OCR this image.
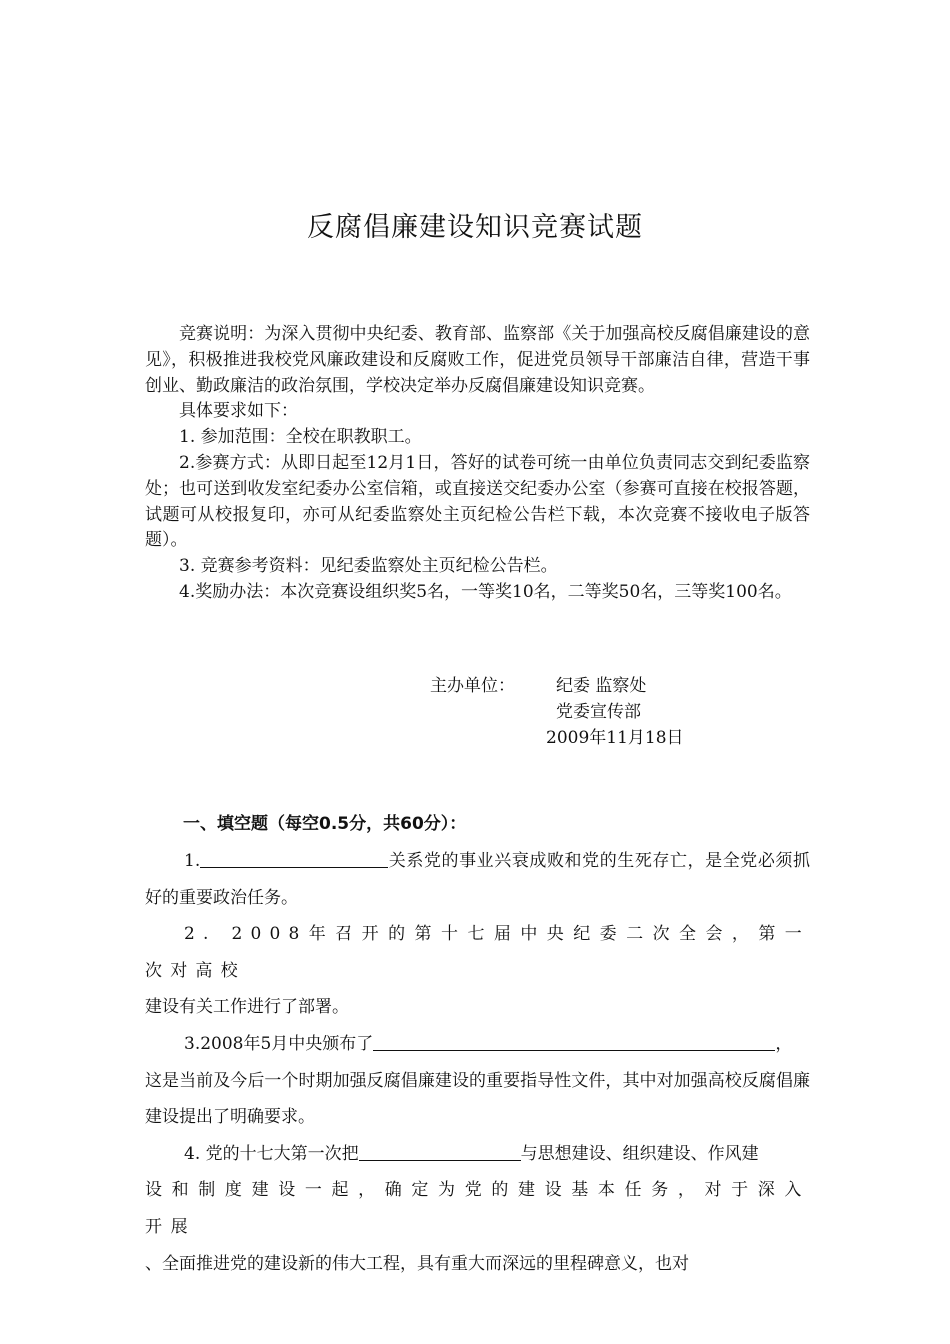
反腐倡廉建设知识竞赛试题

竞赛说明：为深入贯彻中央纪委、教育部、监察部《关于加强高校反腐倡廉建设的意见》，积极推进我校党风廉政建设和反腐败工作，促进党员领导干部廉洁自律，营造干事创业、勤政廉洁的政治氛围，学校决定举办反腐倡廉建设知识竞赛。

具体要求如下：

1. 参加范围：全校在职教职工。

2.参赛方式：从即日起至12月1日，答好的试卷可统一由单位负责同志交到纪委监察处；也可送到收发室纪委办公室信箱，或直接送交纪委办公室（参赛可直接在校报答题，试题可从校报复印，亦可从纪委监察处主页纪检公告栏下载，本次竞赛不接收电子版答题）。

3. 竞赛参考资料：见纪委监察处主页纪检公告栏。

4.奖励办法：本次竞赛设组织奖5名，一等奖10名，二等奖50名，三等奖100名。

主办单位： 纪委 监察处
党委宣传部
2009年11月18日
一、填空题（每空0.5分，共60分）：

1.	关系党的事业兴衰成败和党的生死存亡，是全党必须抓好的重要政治任务。

2. 2008年召开的第十七届中央纪委二次全会，第一次对高校

建设有关工作进行了部署。

3.2008年5月中央颁布了	，

这是当前及今后一个时期加强反腐倡廉建设的重要指导性文件，其中对加强高校反腐倡廉建设提出了明确要求。

4. 党的十七大第一次把	与思想建设、组织建设、作风建

设和制度建设一起，确定为党的建设基本任务，对于深入开展

、全面推进党的建设新的伟大工程，具有重大而深远的里程碑意义，也对
